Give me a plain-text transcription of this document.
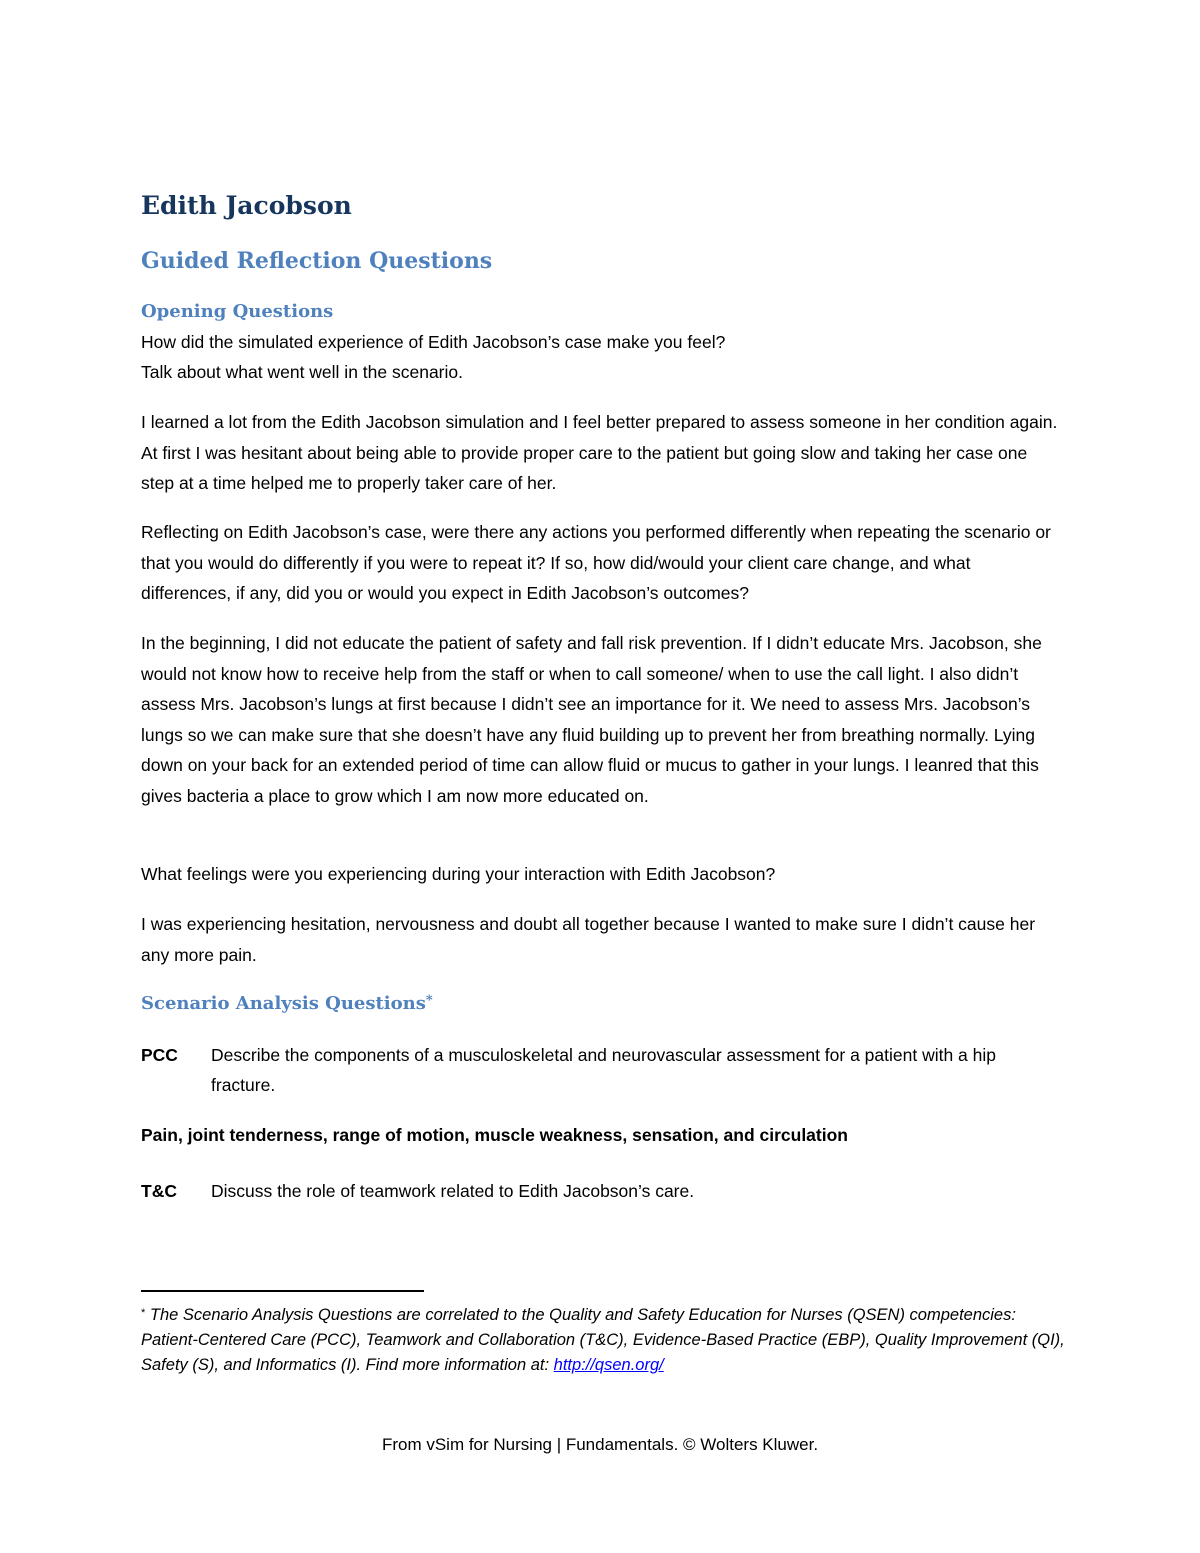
Edith Jacobson
Guided Reflection Questions
Opening Questions
How did the simulated experience of Edith Jacobson’s case make you feel?
Talk about what went well in the scenario.
I learned a lot from the Edith Jacobson simulation and I feel better prepared to assess someone in her condition again. At first I was hesitant about being able to provide proper care to the patient but going slow and taking her case one step at a time helped me to properly taker care of her.
Reflecting on Edith Jacobson’s case, were there any actions you performed differently when repeating the scenario or that you would do differently if you were to repeat it? If so, how did/would your client care change, and what differences, if any, did you or would you expect in Edith Jacobson’s outcomes?
In the beginning, I did not educate the patient of safety and fall risk prevention. If I didn’t educate Mrs. Jacobson, she would not know how to receive help from the staff or when to call someone/ when to use the call light. I also didn’t assess Mrs. Jacobson’s lungs at first because I didn’t see an importance for it. We need to assess Mrs. Jacobson’s lungs so we can make sure that she doesn’t have any fluid building up to prevent her from breathing normally. Lying down on your back for an extended period of time can allow fluid or mucus to gather in your lungs. I leanred that this gives bacteria a place to grow which I am now more educated on.
What feelings were you experiencing during your interaction with Edith Jacobson?
I was experiencing hesitation, nervousness and doubt all together because I wanted to make sure I didn’t cause her any more pain.
Scenario Analysis Questions*
PCC Describe the components of a musculoskeletal and neurovascular assessment for a patient with a hip fracture.
Pain, joint tenderness, range of motion, muscle weakness, sensation, and circulation
T&C Discuss the role of teamwork related to Edith Jacobson’s care.
* The Scenario Analysis Questions are correlated to the Quality and Safety Education for Nurses (QSEN) competencies: Patient-Centered Care (PCC), Teamwork and Collaboration (T&C), Evidence-Based Practice (EBP), Quality Improvement (QI), Safety (S), and Informatics (I). Find more information at: http://qsen.org/
From vSim for Nursing | Fundamentals. © Wolters Kluwer.
